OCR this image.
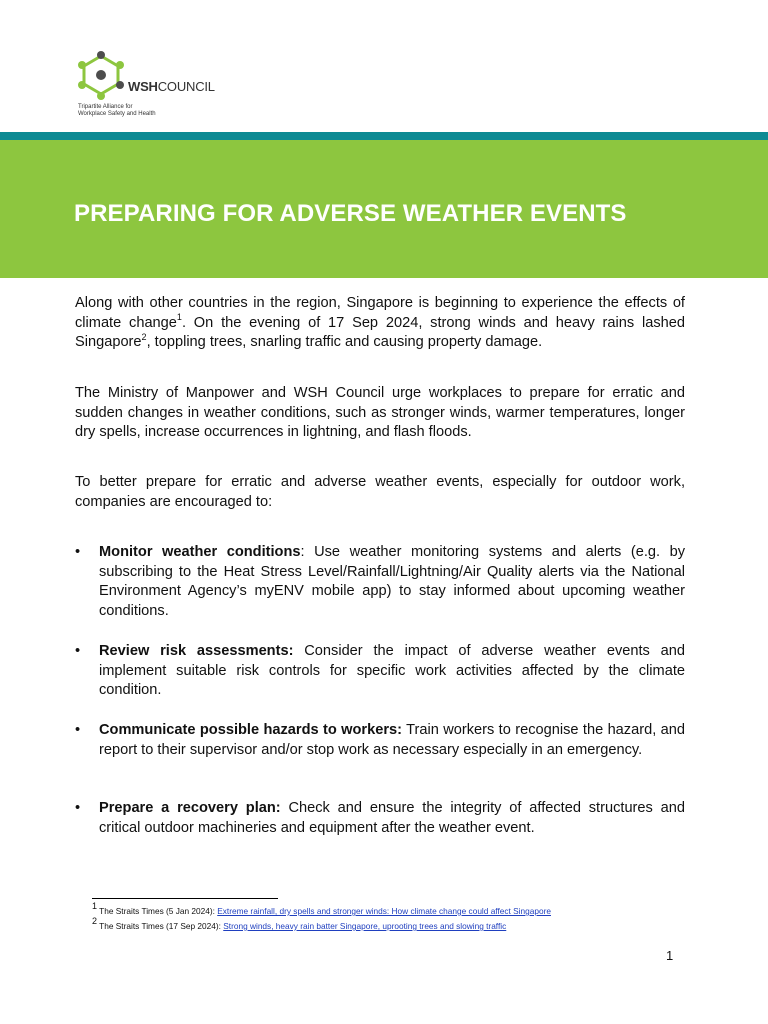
WSHCOUNCIL
Tripartite Alliance for
Workplace Safety and Health
PREPARING FOR ADVERSE WEATHER EVENTS
Along with other countries in the region, Singapore is beginning to experience the effects of climate change$^1$. On the evening of 17 Sep 2024, strong winds and heavy rains lashed Singapore$^2$, toppling trees, snarling traffic and causing property damage.
The Ministry of Manpower and WSH Council urge workplaces to prepare for erratic and sudden changes in weather conditions, such as stronger winds, warmer temperatures, longer dry spells, increase occurrences in lightning, and flash floods.
To better prepare for erratic and adverse weather events, especially for outdoor work, companies are encouraged to:
•	Monitor weather conditions: Use weather monitoring systems and alerts (e.g. by subscribing to the Heat Stress Level/Rainfall/Lightning/Air Quality alerts via the National Environment Agency’s myENV mobile app) to stay informed about upcoming weather conditions.
•	Review risk assessments: Consider the impact of adverse weather events and implement suitable risk controls for specific work activities affected by the climate condition.
•	Communicate possible hazards to workers: Train workers to recognise the hazard, and report to their supervisor and/or stop work as necessary especially in an emergency.
•	Prepare a recovery plan: Check and ensure the integrity of affected structures and critical outdoor machineries and equipment after the weather event.
$^1$ The Straits Times (5 Jan 2024): Extreme rainfall, dry spells and stronger winds: How climate change could affect Singapore
$^2$ The Straits Times (17 Sep 2024): Strong winds, heavy rain batter Singapore, uprooting trees and slowing traffic
1
